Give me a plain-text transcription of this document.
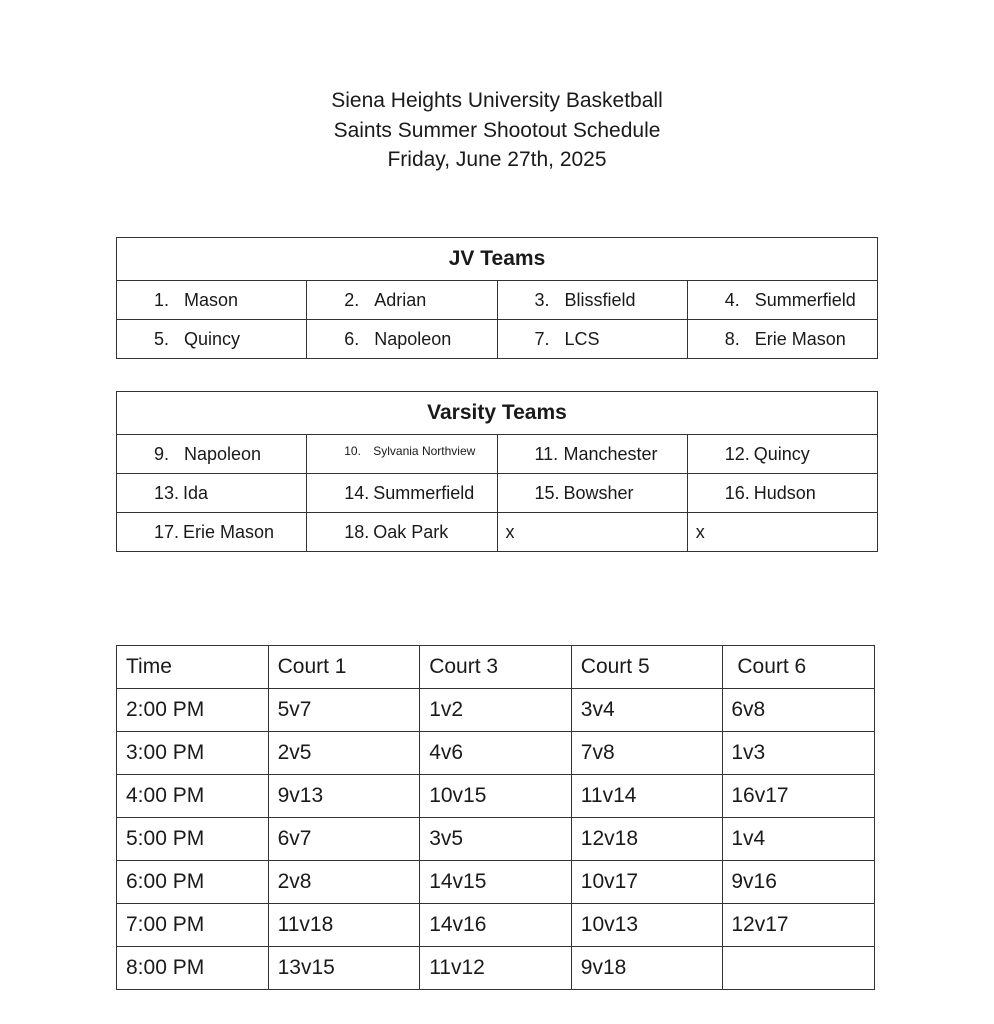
Siena Heights University Basketball
Saints Summer Shootout Schedule
Friday, June 27th, 2025
JV Teams			
1. Mason	2. Adrian	3. Blissfield	4. Summerfield
5. Quincy	6. Napoleon	7. LCS	8. Erie Mason
Varsity Teams			
9. Napoleon	10. Sylvania Northview	11. Manchester	12. Quincy
13. Ida	14. Summerfield	15. Bowsher	16. Hudson
17. Erie Mason	18. Oak Park	x	x
Time	Court 1	Court 3	Court 5	Court 6
2:00 PM	5v7	1v2	3v4	6v8
3:00 PM	2v5	4v6	7v8	1v3
4:00 PM	9v13	10v15	11v14	16v17
5:00 PM	6v7	3v5	12v18	1v4
6:00 PM	2v8	14v15	10v17	9v16
7:00 PM	11v18	14v16	10v13	12v17
8:00 PM	13v15	11v12	9v18	
